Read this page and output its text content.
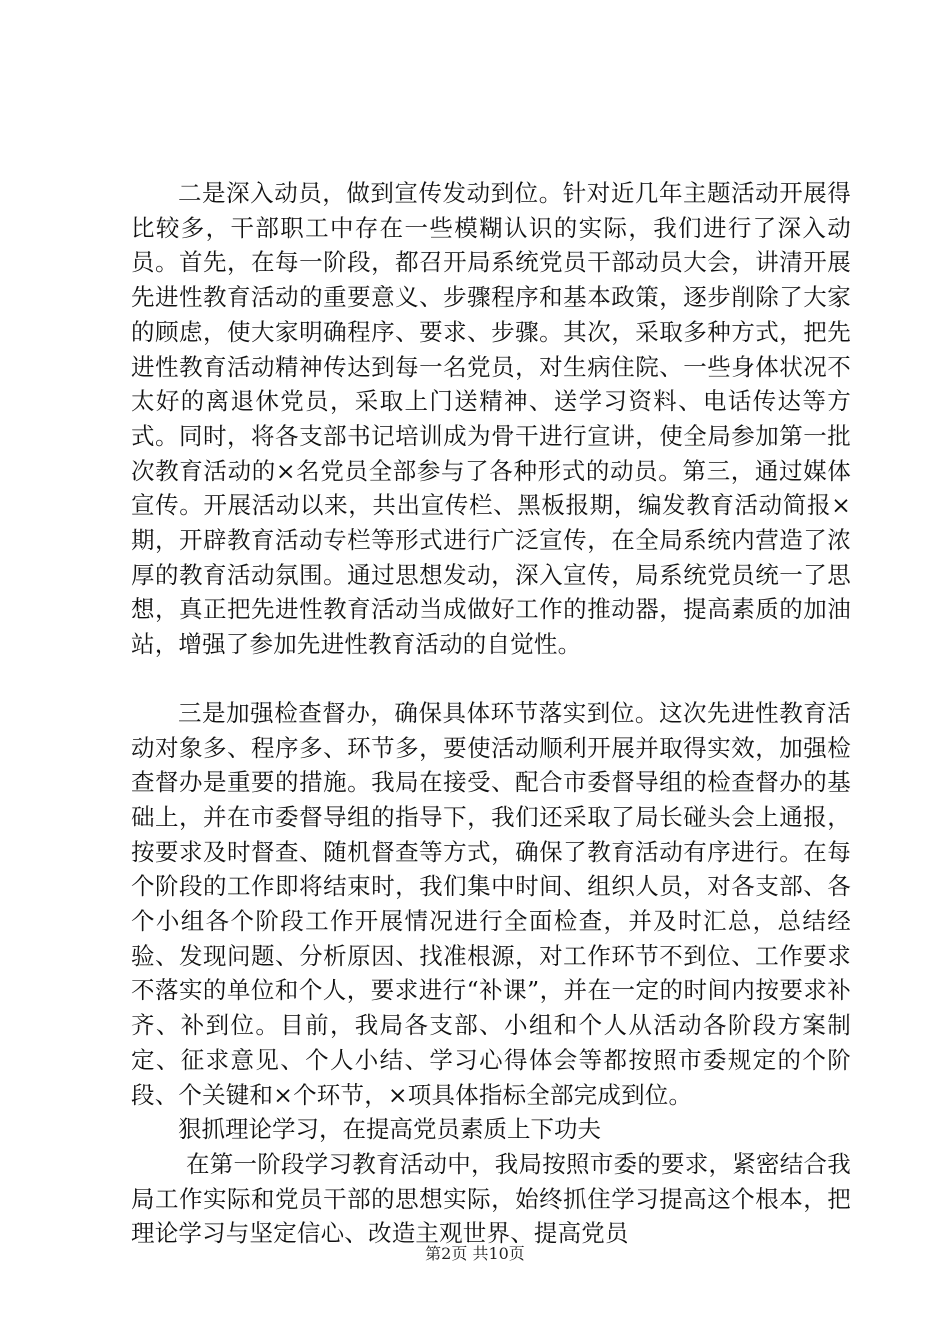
二是深入动员，做到宣传发动到位。针对近几年主题活动开展得比较多，干部职工中存在一些模糊认识的实际，我们进行了深入动员。首先，在每一阶段，都召开局系统党员干部动员大会，讲清开展先进性教育活动的重要意义、步骤程序和基本政策，逐步削除了大家的顾虑，使大家明确程序、要求、步骤。其次，采取多种方式，把先进性教育活动精神传达到每一名党员，对生病住院、一些身体状况不太好的离退休党员，采取上门送精神、送学习资料、电话传达等方式。同时，将各支部书记培训成为骨干进行宣讲，使全局参加第一批次教育活动的×名党员全部参与了各种形式的动员。第三，通过媒体宣传。开展活动以来，共出宣传栏、黑板报期，编发教育活动简报×期，开辟教育活动专栏等形式进行广泛宣传，在全局系统内营造了浓厚的教育活动氛围。通过思想发动，深入宣传，局系统党员统一了思想，真正把先进性教育活动当成做好工作的推动器，提高素质的加油站，增强了参加先进性教育活动的自觉性。

三是加强检查督办，确保具体环节落实到位。这次先进性教育活动对象多、程序多、环节多，要使活动顺利开展并取得实效，加强检查督办是重要的措施。我局在接受、配合市委督导组的检查督办的基础上，并在市委督导组的指导下，我们还采取了局长碰头会上通报，按要求及时督查、随机督查等方式，确保了教育活动有序进行。在每个阶段的工作即将结束时，我们集中时间、组织人员，对各支部、各个小组各个阶段工作开展情况进行全面检查，并及时汇总，总结经验、发现问题、分析原因、找准根源，对工作环节不到位、工作要求不落实的单位和个人，要求进行“补课”，并在一定的时间内按要求补齐、补到位。目前，我局各支部、小组和个人从活动各阶段方案制定、征求意见、个人小结、学习心得体会等都按照市委规定的个阶段、个关键和×个环节，×项具体指标全部完成到位。

狠抓理论学习，在提高党员素质上下功夫

在第一阶段学习教育活动中，我局按照市委的要求，紧密结合我局工作实际和党员干部的思想实际，始终抓住学习提高这个根本，把理论学习与坚定信心、改造主观世界、提高党员

第2页 共10页
